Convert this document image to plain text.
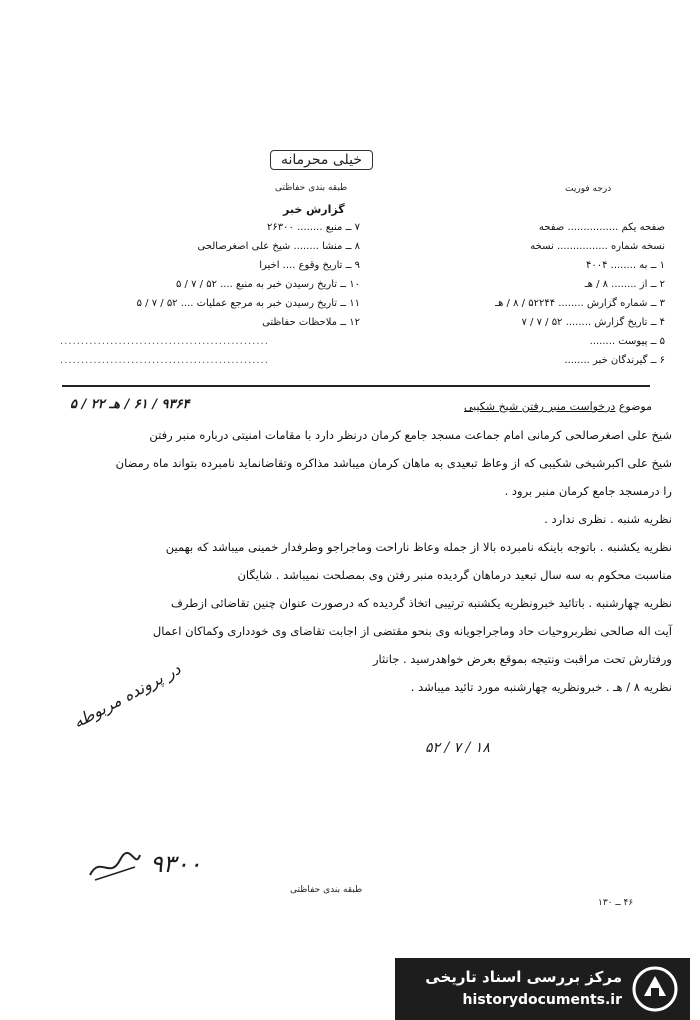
خیلی محرمانه
طبقه بندی حفاظتی
گزارش خبر
درجه فوریت
صفحه یکم ................ صفحه
نسخه شماره ................ نسخه
۱ ــ به ........ ۴۰۰۴
۲ ــ از ........ ۸ / هـ
۳ ــ شماره گزارش ........ ۵۲۲۴۴ / ۸ / هـ
۴ ــ تاریخ گزارش ........ ۵۲ / ۷ / ۷
۵ ــ پیوست ........
۶ ــ گیرندگان خبر ........
۷ ــ منبع ........ ۲۶۳۰۰
۸ ــ منشا ........ شیخ علی اصغرصالحی
۹ ــ تاریخ وقوع .... اخیرا
۱۰ ــ تاریخ رسیدن خبر به منبع .... ۵۲ / ۷ / ۵
۱۱ ــ تاریخ رسیدن خبر به مرجع عملیات .... ۵۲ / ۷ / ۵
۱۲ ــ ملاحظات حفاظتی
..................................................
..................................................
موضوع درخواست منبر رفتن شیخ شکیبی
۹۳۶۴ / ۶۱ / هـ ۲۲ / ۵
شیخ علی اصغرصالحی کرمانی امام جماعت مسجد جامع کرمان درنظر دارد با مقامات امنیتی درباره منبر رفتن
شیخ علی اکبرشیخی شکیبی که از وعاظ تبعیدی به ماهان کرمان میباشد مذاکره وتقاضانماید نامبرده بتواند ماه رمضان
را درمسجد جامع کرمان منبر برود .
نظریه شنبه . نظری ندارد .
نظریه یکشنبه . باتوجه باینکه نامبرده بالا از جمله وعاظ ناراحت وماجراجو وطرفدار خمینی میباشد که بهمین
مناسبت محکوم به سه سال تبعید درماهان گردیده منبر رفتن وی بمصلحت نمیباشد . شایگان
نظریه چهارشنبه . باتائید خبرونظریه یکشنبه ترتیبی اتخاذ گردیده که درصورت عنوان چنین تقاضائی ازطرف
آیت اله صالحی نظربروحیات حاد وماجراجویانه وی بنحو مقتضی از اجابت تقاضای وی خودداری وکماکان اعمال
ورفتارش تحت مراقبت ونتیجه بموقع بعرض خواهدرسید . جانثار
نظریه ۸ / هـ . خبرونظریه چهارشنبه مورد تائید میباشد .
در پرونده مربوطه
۹۳۰۰
۵۲ / ۷ / ۱۸
طبقه بندی حفاظتی
۴۶ ــ ۱۳۰
مرکز بررسی اسناد تاریخی
historydocuments.ir
